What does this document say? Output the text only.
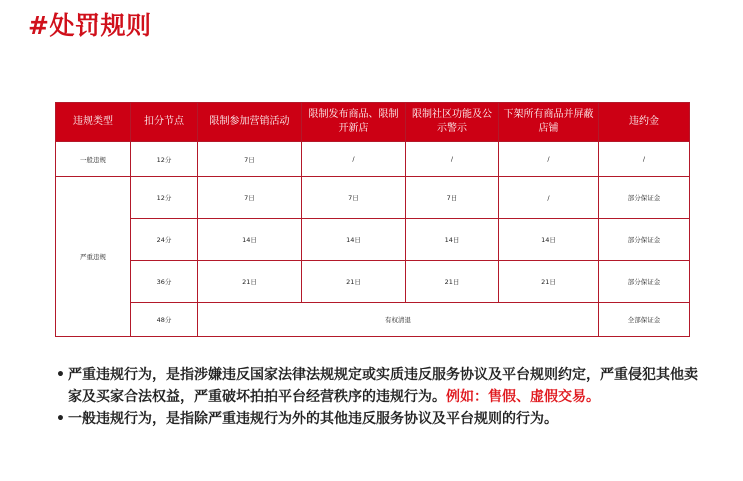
#处罚规则
违规类型	扣分节点	限制参加营销活动	限制发布商品、限制开新店	限制社区功能及公示警示	下架所有商品并屏蔽店铺	违约金
一般违规	12分	7日	/	/	/	/
严重违规	12分	7日	7日	7日	/	部分保证金
	24分	14日	14日	14日	14日	部分保证金
	36分	21日	21日	21日	21日	部分保证金
	48分	有权清退				全部保证金
• 严重违规行为，是指涉嫌违反国家法律法规规定或实质违反服务协议及平台规则约定，严重侵犯其他卖家及买家合法权益，严重破坏拍拍平台经营秩序的违规行为。例如：售假、虚假交易。
• 一般违规行为，是指除严重违规行为外的其他违反服务协议及平台规则的行为。
